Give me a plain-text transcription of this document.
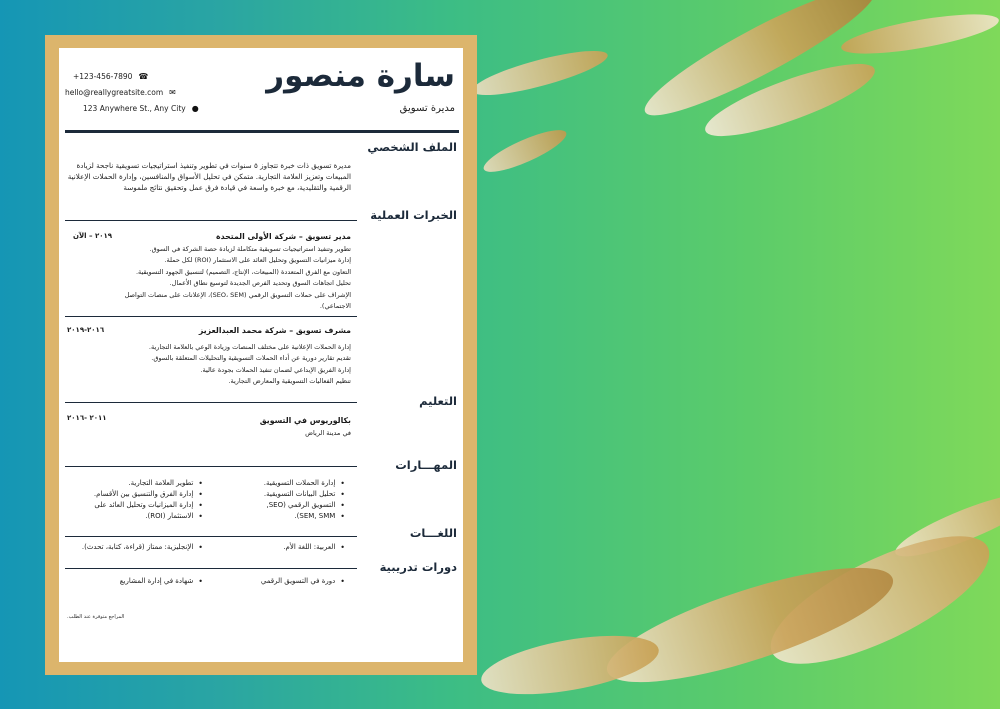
سارة منصور
مديرة تسويق
+123-456-7890 ☎
hello@reallygreatsite.com ✉
123 Anywhere St., Any City ●
الملف الشخصي
مديرة تسويق ذات خبرة تتجاوز ٥ سنوات في تطوير وتنفيذ استراتيجيات تسويقية ناجحة لزيادة المبيعات وتعزيز العلامة التجارية. متمكن في تحليل الأسواق والمنافسين، وإدارة الحملات الإعلانية الرقمية والتقليدية، مع خبرة واسعة في قيادة فرق عمل وتحقيق نتائج ملموسة
الخبرات العملية
مدير تسويق – شركة الأولى المتحدة
٢٠١٩ – الآن
تطوير وتنفيذ استراتيجيات تسويقية متكاملة لزيادة حصة الشركة في السوق.
إدارة ميزانيات التسويق وتحليل العائد على الاستثمار (ROI) لكل حملة.
التعاون مع الفرق المتعددة (المبيعات، الإنتاج، التصميم) لتنسيق الجهود التسويقية.
تحليل اتجاهات السوق وتحديد الفرص الجديدة لتوسيع نطاق الأعمال.
الإشراف على حملات التسويق الرقمي (SEO، SEM)، الإعلانات على منصات التواصل
الاجتماعي).
مشرف تسويق – شركة محمد العبدالعزيز
٢٠١٦-٢٠١٩
إدارة الحملات الإعلانية على مختلف المنصات وزيادة الوعي بالعلامة التجارية.
تقديم تقارير دورية عن أداء الحملات التسويقية والتحليلات المتعلقة بالسوق.
إدارة الفريق الإبداعي لضمان تنفيذ الحملات بجودة عالية.
تنظيم الفعاليات التسويقية والمعارض التجارية.
التعليم
بكالوريوس في التسويق
في مدينة الرياض
٢٠١١ -٢٠١٦
المهـــارات
• إدارة الحملات التسويقية.
• تحليل البيانات التسويقية.
• التسويق الرقمي (SEO,
• SEM, SMM).
• تطوير العلامة التجارية.
• إدارة الفرق والتنسيق بين الأقسام.
• إدارة الميزانيات وتحليل العائد على
• الاستثمار (ROI).
اللغـــات
• العربية: اللغة الأم.
• الإنجليزية: ممتاز (قراءة، كتابة، تحدث).
دورات تدريبية
• دورة في التسويق الرقمي
• شهادة في إدارة المشاريع
المراجع متوفرة عند الطلب.
